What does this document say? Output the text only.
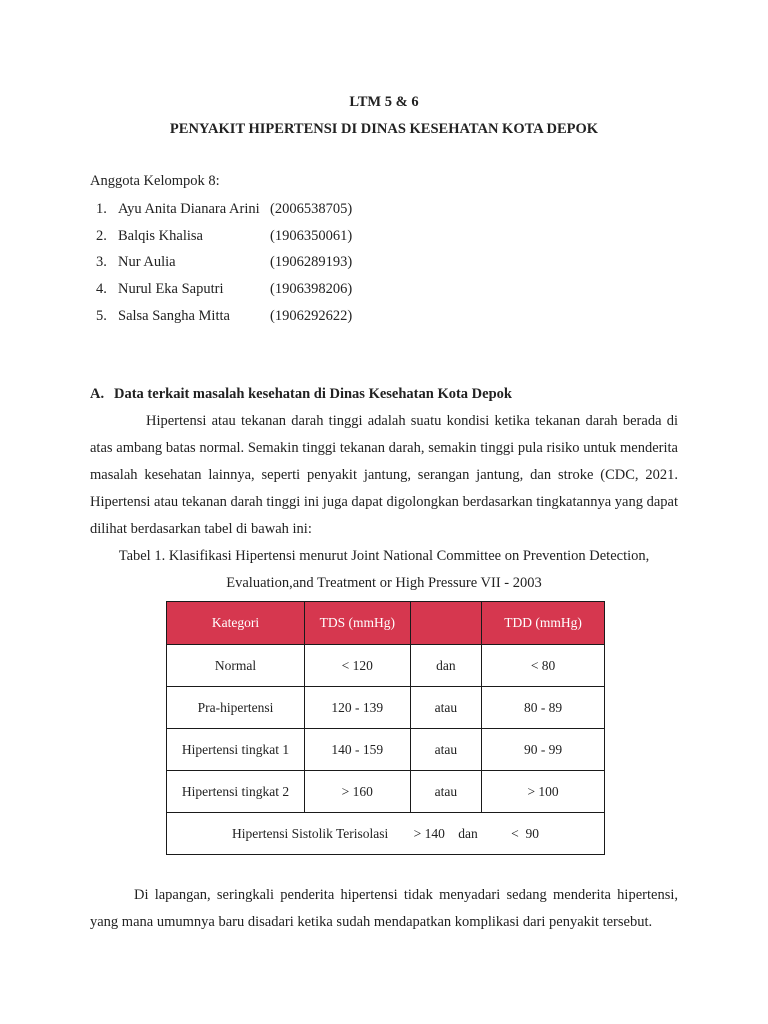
LTM 5 & 6
PENYAKIT HIPERTENSI DI DINAS KESEHATAN KOTA DEPOK
Anggota Kelompok 8:
1. Ayu Anita Dianara Arini (2006538705)
2. Balqis Khalisa	(1906350061)
3. Nur Aulia	(1906289193)
4. Nurul Eka Saputri	(1906398206)
5. Salsa Sangha Mitta	(1906292622)
A. Data terkait masalah kesehatan di Dinas Kesehatan Kota Depok

Hipertensi atau tekanan darah tinggi adalah suatu kondisi ketika tekanan darah berada di atas ambang batas normal. Semakin tinggi tekanan darah, semakin tinggi pula risiko untuk menderita masalah kesehatan lainnya, seperti penyakit jantung, serangan jantung, dan stroke (CDC, 2021. Hipertensi atau tekanan darah tinggi ini juga dapat digolongkan berdasarkan tingkatannya yang dapat dilihat berdasarkan tabel di bawah ini:

Tabel 1. Klasifikasi Hipertensi menurut Joint National Committee on Prevention Detection,
Evaluation,and Treatment or High Pressure VII - 2003
Kategori	TDS (mmHg)		TDD (mmHg)
Normal	< 120	dan	< 80
Pra-hipertensi	120 - 139	atau	80 - 89
Hipertensi tingkat 1	140 - 159	atau	90 - 99
Hipertensi tingkat 2	> 160	atau	> 100
Hipertensi Sistolik Terisolasi > 140 dan <  90			

Di lapangan, seringkali penderita hipertensi tidak menyadari sedang menderita hipertensi, yang mana umumnya baru disadari ketika sudah mendapatkan komplikasi dari penyakit tersebut.
